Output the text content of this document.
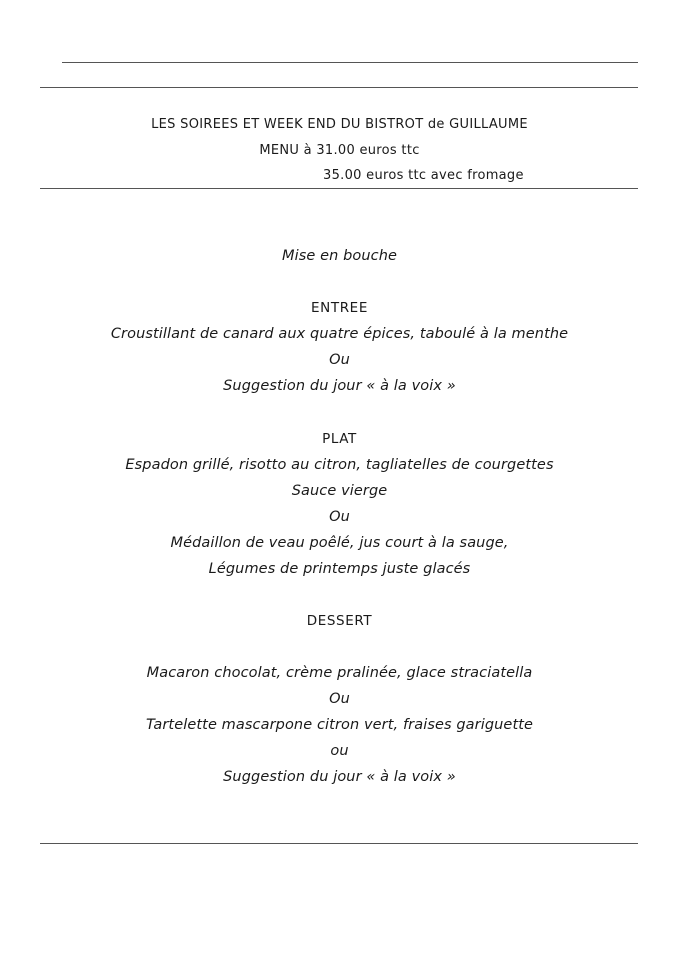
LES SOIREES ET WEEK END DU BISTROT de GUILLAUME
MENU à 31.00 euros ttc
35.00 euros ttc avec fromage
Mise en bouche
ENTREE
Croustillant de canard aux quatre épices, taboulé à la menthe
Ou
Suggestion du jour « à la voix »
PLAT
Espadon grillé, risotto au citron, tagliatelles de courgettes
Sauce vierge
Ou
Médaillon de veau poêlé, jus court à la sauge,
Légumes de printemps juste glacés
DESSERT
Macaron chocolat, crème pralinée, glace straciatella
Ou
Tartelette mascarpone citron vert, fraises gariguette
ou
Suggestion du jour « à la voix »
